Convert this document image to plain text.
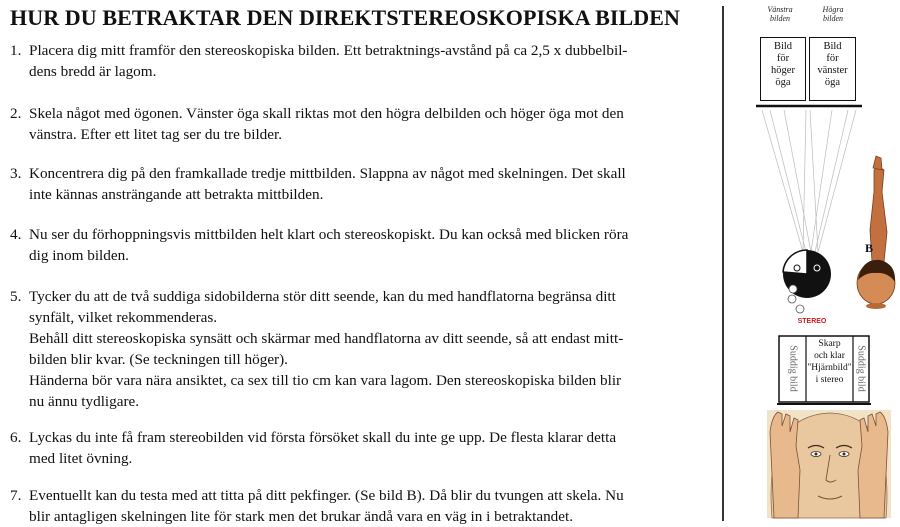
HUR DU BETRAKTAR DEN DIREKTSTEREOSKOPISKA BILDEN
1. Placera dig mitt framför den stereoskopiska bilden. Ett betraktnings-avstånd på ca 2,5 x dubbelbil-
dens bredd är lagom.
2. Skela något med ögonen. Vänster öga skall riktas mot den högra delbilden och höger öga mot den
vänstra. Efter ett litet tag ser du tre bilder.
3. Koncentrera dig på den framkallade tredje mittbilden. Slappna av något med skelningen. Det skall
inte kännas ansträngande att betrakta mittbilden.
4. Nu ser du förhoppningsvis mittbilden helt klart och stereoskopiskt. Du kan också med blicken röra
dig inom bilden.
5. Tycker du att de två suddiga sidobilderna stör ditt seende, kan du med handflatorna begränsa ditt
synfält, vilket rekommenderas.
Behåll ditt stereoskopiska synsätt och skärmar med handflatorna av ditt seende, så att endast mitt-
bilden blir kvar. (Se teckningen till höger).
Händerna bör vara nära ansiktet, ca sex till tio cm kan vara lagom. Den stereoskopiska bilden blir
nu ännu tydligare.
6. Lyckas du inte få fram stereobilden vid första försöket skall du inte ge upp. De flesta klarar detta
med litet övning.
7. Eventuellt kan du testa med att titta på ditt pekfinger. (Se bild B). Då blir du tvungen att skela. Nu
blir antagligen skelningen lite för stark men det brukar ändå vara en väg in i betraktandet.
Vänstra
bilden
Högra
bilden
Bild
för
höger
öga
Bild
för
vänster
öga
B
STEREO
Suddig bild	Suddig bild
Skarp
och klar
"Hjärnbild"
i stereo
